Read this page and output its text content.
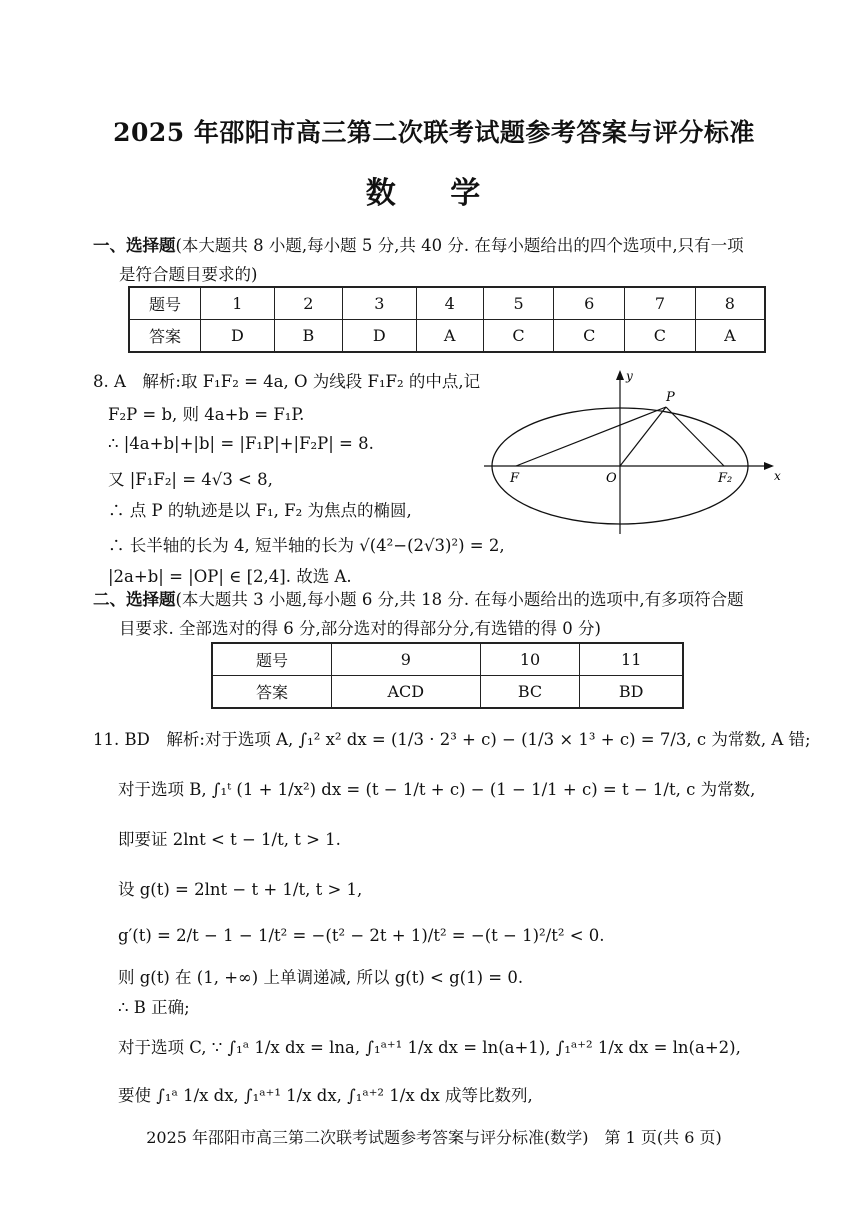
2025 年邵阳市高三第二次联考试题参考答案与评分标准
数 学
一、选择题(本大题共 8 小题,每小题 5 分,共 40 分. 在每小题给出的四个选项中,只有一项
是符合题目要求的)
题号	1	2	3	4	5	6	7	8
答案	D	B	D	A	C	C	C	A
8. A　解析:取 F₁F₂ = 4a, O 为线段 F₁F₂ 的中点,记
F₂P = b, 则 4a+b = F₁P.
∴ |4a+b|+|b| = |F₁P|+|F₂P| = 8.
又 |F₁F₂| = 4√3 < 8,
∴ 点 P 的轨迹是以 F₁, F₂ 为焦点的椭圆,
∴ 长半轴的长为 4, 短半轴的长为 √(4²−(2√3)²) = 2,
|2a+b| = |OP| ∈ [2,4]. 故选 A.
y
x
P
F	O	F₂
二、选择题(本大题共 3 小题,每小题 6 分,共 18 分. 在每小题给出的选项中,有多项符合题
目要求. 全部选对的得 6 分,部分选对的得部分分,有选错的得 0 分)
题号	9	10	11
答案	ACD	BC	BD
11. BD　解析:对于选项 A, ∫₁² x² dx = (1/3 · 2³ + c) − (1/3 × 1³ + c) = 7/3, c 为常数, A 错;
对于选项 B, ∫₁ᵗ (1 + 1/x²) dx = (t − 1/t + c) − (1 − 1/1 + c) = t − 1/t, c 为常数,
即要证 2lnt < t − 1/t, t > 1.
设 g(t) = 2lnt − t + 1/t, t > 1,
g′(t) = 2/t − 1 − 1/t² = −(t² − 2t + 1)/t² = −(t − 1)²/t² < 0.
则 g(t) 在 (1, +∞) 上单调递减, 所以 g(t) < g(1) = 0.
∴ B 正确;
对于选项 C, ∵ ∫₁ᵃ 1/x dx = lna, ∫₁ᵃ⁺¹ 1/x dx = ln(a+1), ∫₁ᵃ⁺² 1/x dx = ln(a+2),
要使 ∫₁ᵃ 1/x dx, ∫₁ᵃ⁺¹ 1/x dx, ∫₁ᵃ⁺² 1/x dx 成等比数列,
2025 年邵阳市高三第二次联考试题参考答案与评分标准(数学)　第 1 页(共 6 页)
